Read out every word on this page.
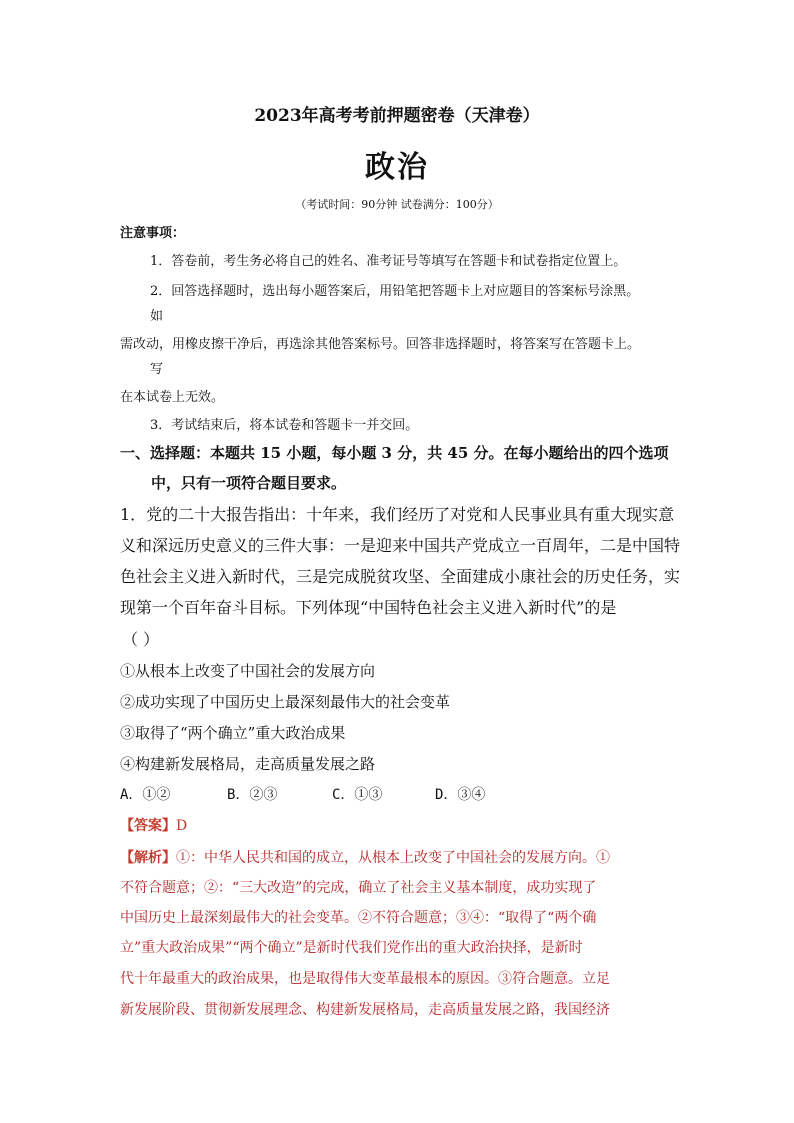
2023年高考考前押题密卷（天津卷）
政治
（考试时间：90分钟 试卷满分：100分）
注意事项：
1．答卷前，考生务必将自己的姓名、准考证号等填写在答题卡和试卷指定位置上。
2．回答选择题时，选出每小题答案后，用铅笔把答题卡上对应题目的答案标号涂黑。
如
需改动，用橡皮擦干净后，再选涂其他答案标号。回答非选择题时，将答案写在答题卡上。
写
在本试卷上无效。
3．考试结束后，将本试卷和答题卡一并交回。
一、选择题：本题共 15 小题，每小题 3 分，共 45 分。在每小题给出的四个选项
中，只有一项符合题目要求。
1．党的二十大报告指出：十年来，我们经历了对党和人民事业具有重大现实意
义和深远历史意义的三件大事：一是迎来中国共产党成立一百周年，二是中国特
色社会主义进入新时代，三是完成脱贫攻坚、全面建成小康社会的历史任务，实
现第一个百年奋斗目标。下列体现“中国特色社会主义进入新时代”的是
（ ）
①从根本上改变了中国社会的发展方向
②成功实现了中国历史上最深刻最伟大的社会变革
③取得了“两个确立”重大政治成果
④构建新发展格局，走高质量发展之路
A．①②	B．②③	C．①③	D．③④
【答案】D
【解析】①：中华人民共和国的成立，从根本上改变了中国社会的发展方向。①
不符合题意；②：“三大改造”的完成，确立了社会主义基本制度，成功实现了
中国历史上最深刻最伟大的社会变革。②不符合题意；③④：“取得了“两个确
立”重大政治成果”“两个确立”是新时代我们党作出的重大政治抉择，是新时
代十年最重大的政治成果，也是取得伟大变革最根本的原因。③符合题意。立足
新发展阶段、贯彻新发展理念、构建新发展格局，走高质量发展之路，我国经济
